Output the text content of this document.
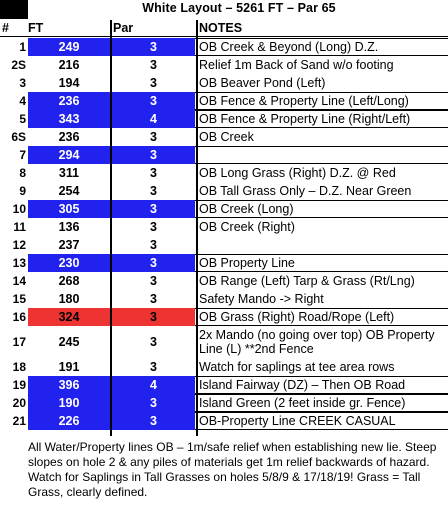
White Layout – 5261 FT – Par 65
# FT	Par	NOTES
1	249	3	OB Creek & Beyond (Long) D.Z.
2S	216	3	Relief 1m Back of Sand w/o footing
3	194	3	OB Beaver Pond (Left)
4	236	3	OB Fence & Property Line (Left/Long)
5	343	4	OB Fence & Property Line (Right/Left)
6S	236	3	OB Creek
7	294	3
8	311	3	OB Long Grass (Right) D.Z. @ Red
9	254	3	OB Tall Grass Only – D.Z. Near Green
10	305	3	OB Creek (Long)
11	136	3	OB Creek (Right)
12	237	3
13	230	3	OB Property Line
14	268	3	OB Range (Left) Tarp & Grass (Rt/Lng)
15	180	3	Safety Mando -> Right
16	324	3	OB Grass (Right) Road/Rope (Left)
17	245	3	2x Mando (no going over top) OB Property Line (L) **2nd Fence
18	191	3	Watch for saplings at tee area rows
19	396	4	Island Fairway (DZ) – Then OB Road
20	190	3	Island Green (2 feet inside gr. Fence)
21	226	3	OB-Property Line CREEK CASUAL
All Water/Property lines OB – 1m/safe relief when establishing new lie. Steep slopes on hole 2 & any piles of materials get 1m relief backwards of hazard. Watch for Saplings in Tall Grasses on holes 5/8/9 & 17/18/19! Grass = Tall Grass, clearly defined.
